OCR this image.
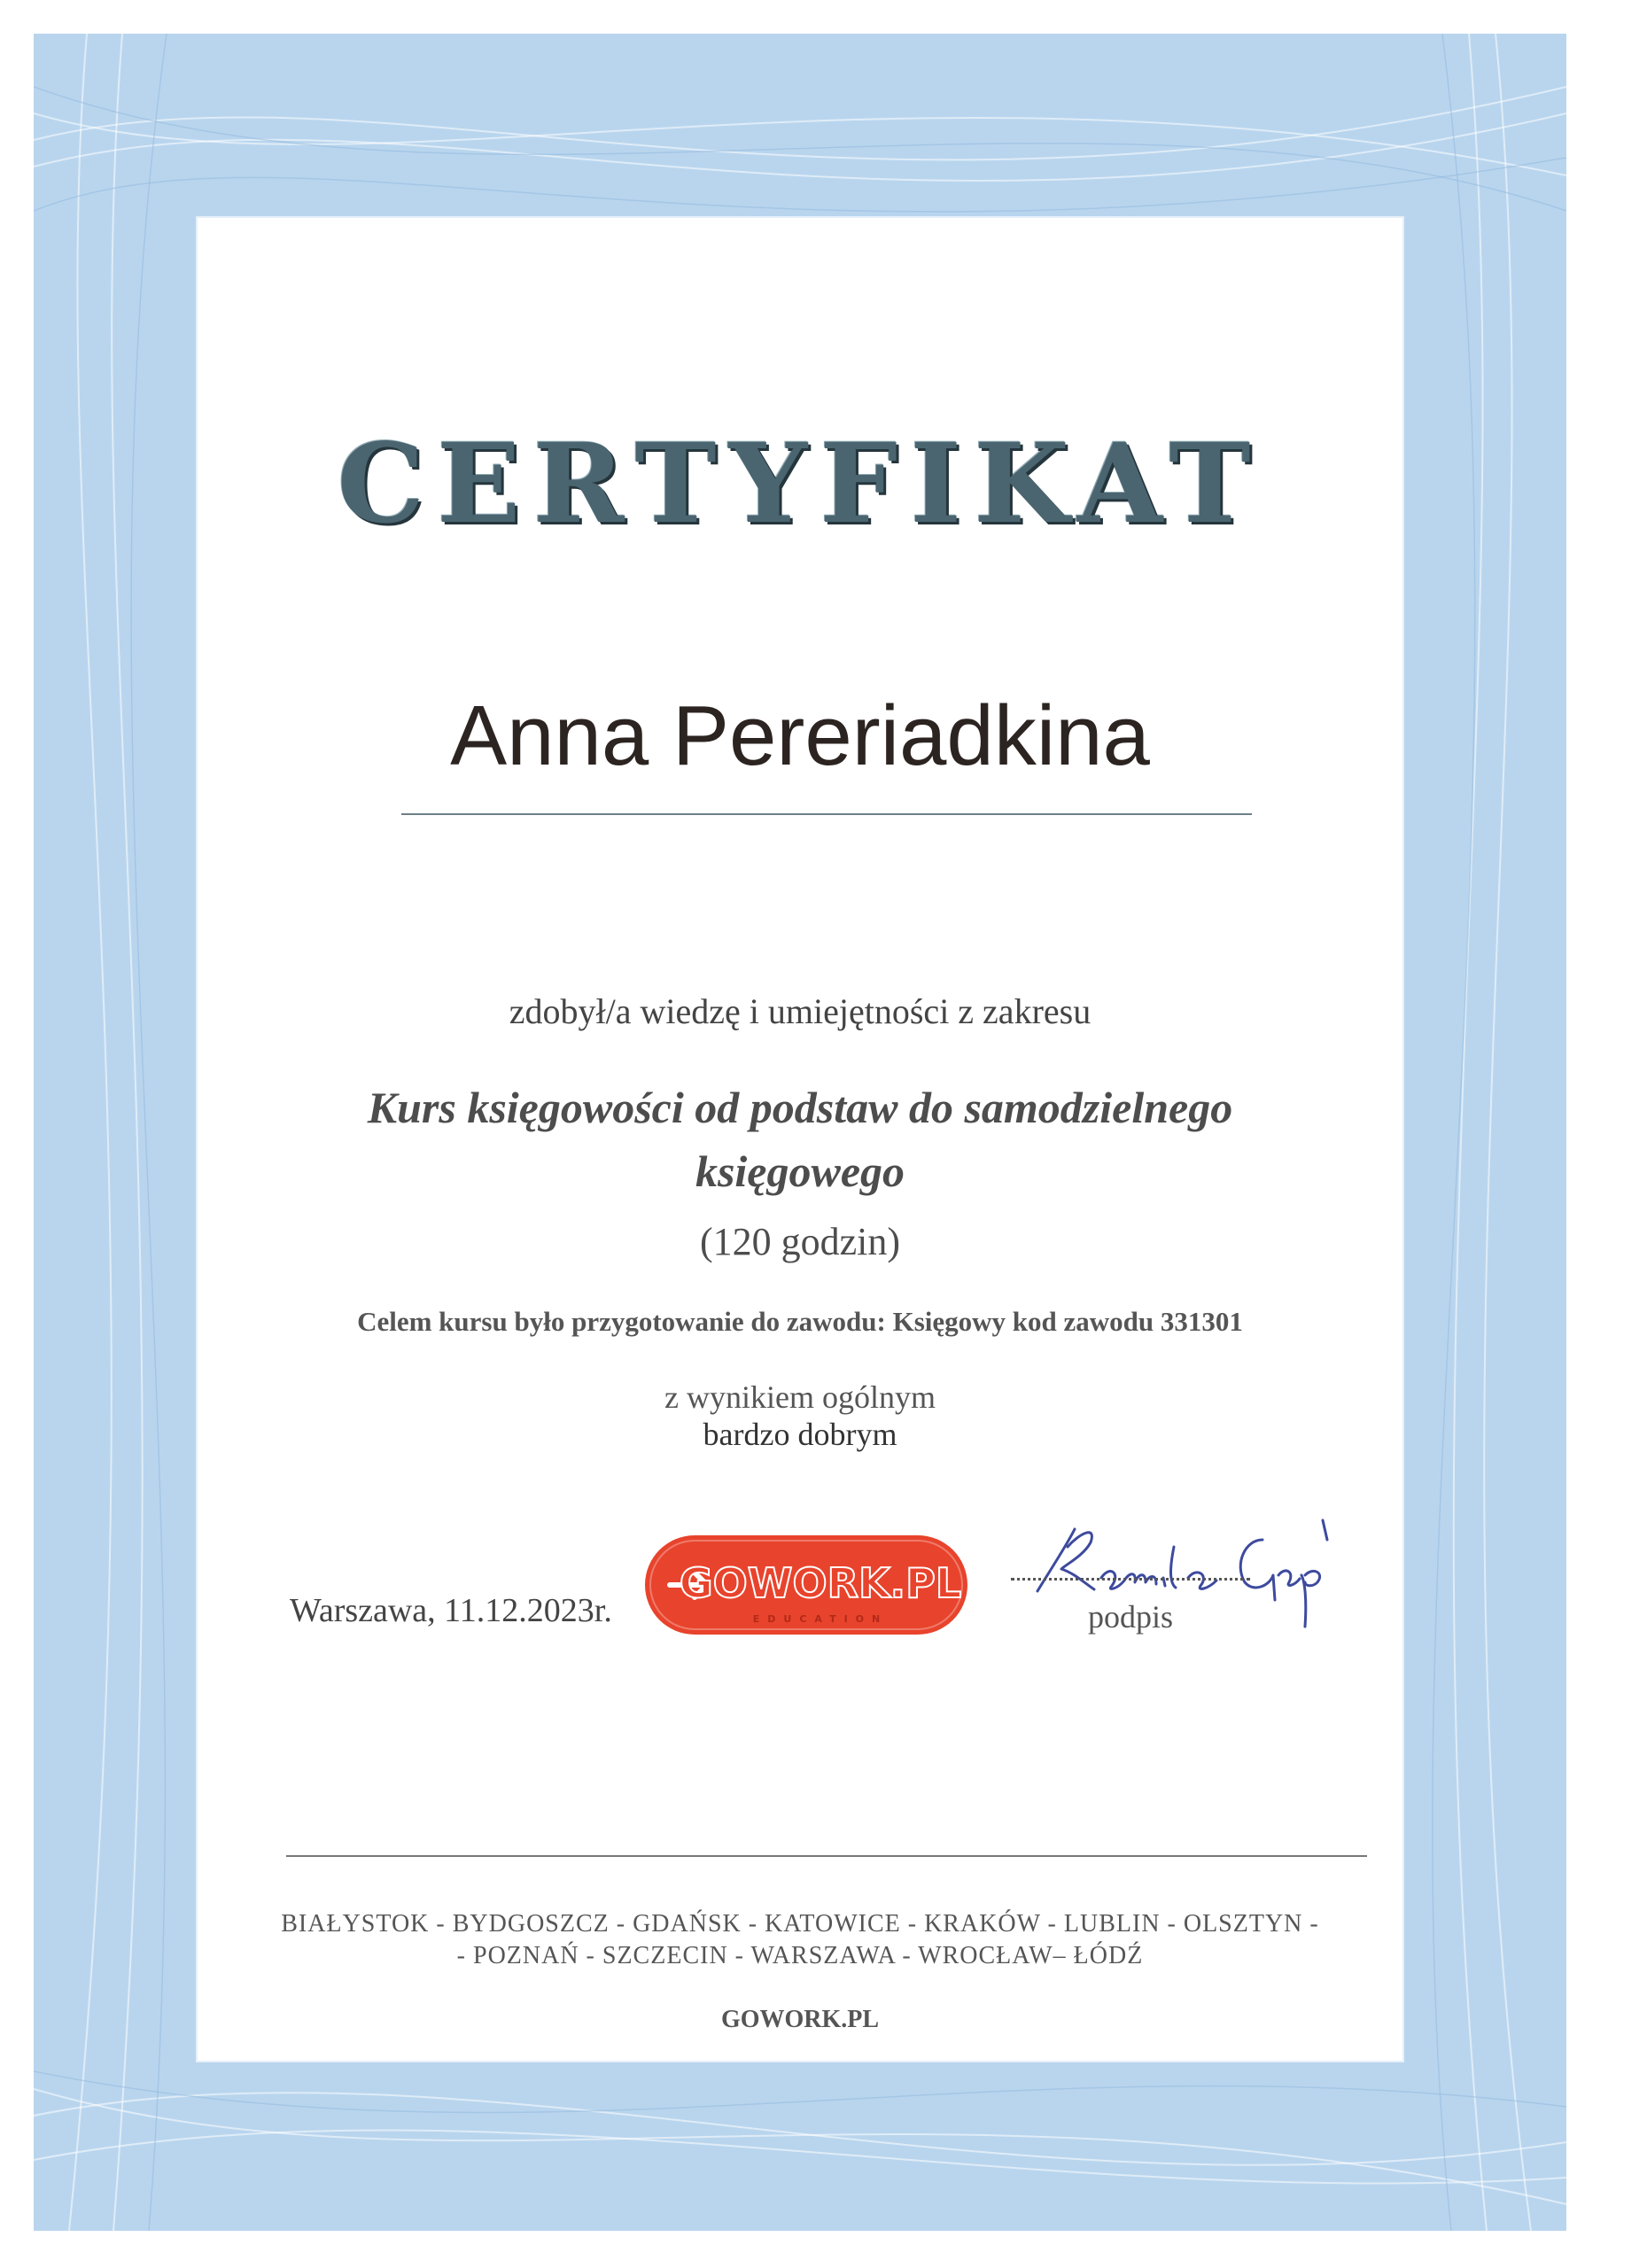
CERTYFIKAT
Anna Pereriadkina
zdobył/a wiedzę i umiejętności z zakresu
Kurs księgowości od podstaw do samodzielnego księgowego
(120 godzin)
Celem kursu było przygotowanie do zawodu: Księgowy kod zawodu 331301
z wynikiem ogólnym
bardzo dobrym
Warszawa, 11.12.2023r.
GOWORK.PL
EDUCATION	podpis
BIAŁYSTOK - BYDGOSZCZ - GDAŃSK - KATOWICE - KRAKÓW - LUBLIN - OLSZTYN -
- POZNAŃ - SZCZECIN - WARSZAWA - WROCŁAW– ŁÓDŹ
GOWORK.PL
